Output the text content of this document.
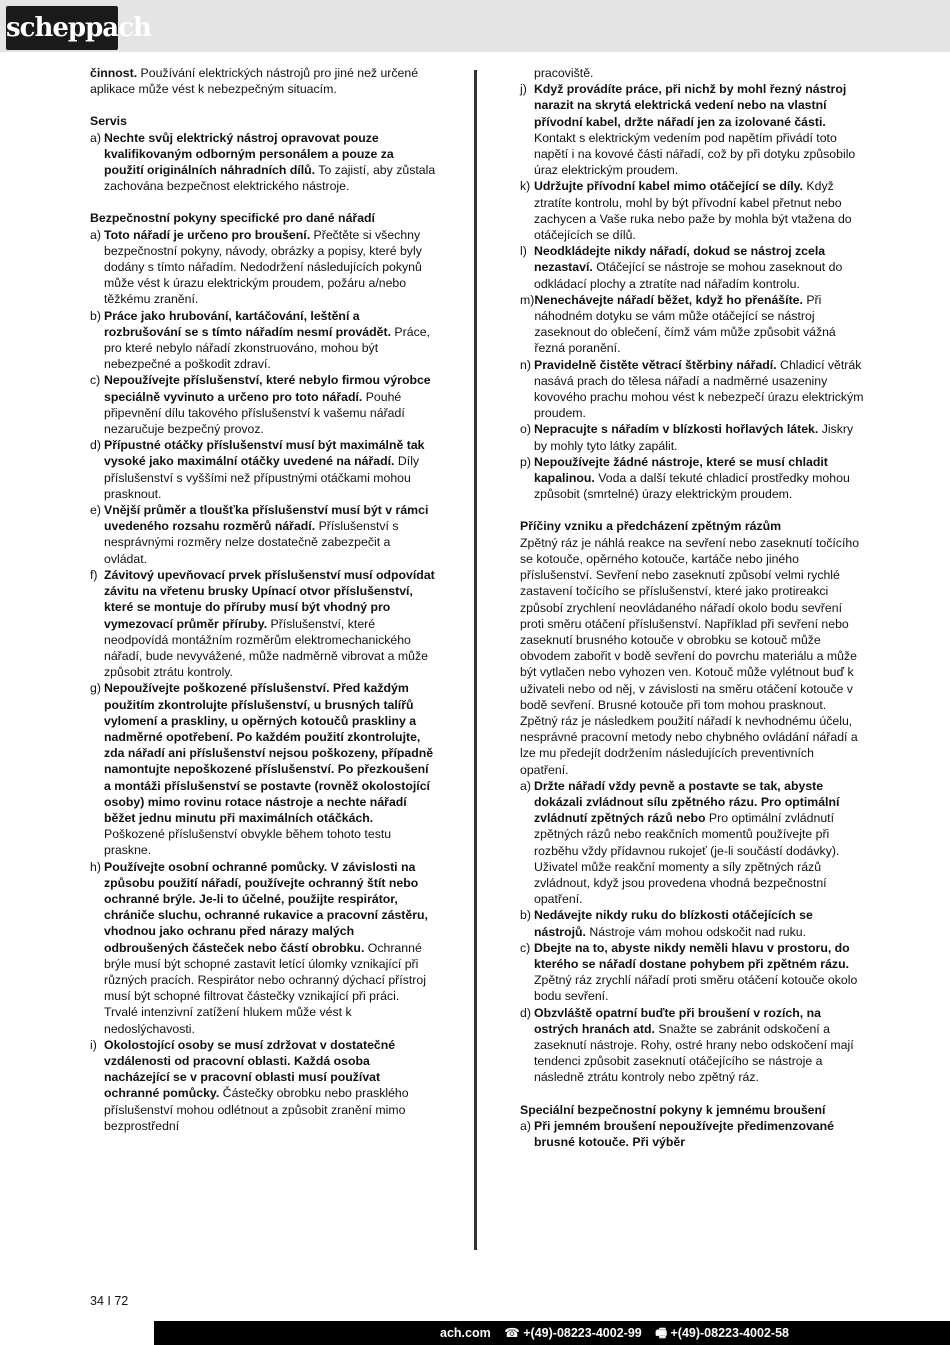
scheppach

činnost. Používání elektrických nástrojů pro jiné než určené aplikace může vést k nebezpečným situacím.

Servis

a) Nechte svůj elektrický nástroj opravovat pouze kvalifikovaným odborným personálem a pouze za použití originálních náhradních dílů. To zajistí, aby zůstala zachována bezpečnost elektrického nástroje.

Bezpečnostní pokyny specifické pro dané nářadí

a) Toto nářadí je určeno pro broušení. Přečtěte si všechny bezpečnostní pokyny, návody, obrázky a popisy, které byly dodány s tímto nářadím. Nedodržení následujících pokynů může vést k úrazu elektrickým proudem, požáru a/nebo těžkému zranění.
b) Práce jako hrubování, kartáčování, leštění a rozbrušování se s tímto nářadím nesmí provádět. Práce, pro které nebylo nářadí zkonstruováno, mohou být nebezpečné a poškodit zdraví.
c) Nepoužívejte příslušenství, které nebylo firmou výrobce speciálně vyvinuto a určeno pro toto nářadí. Pouhé připevnění dílu takového příslušenství k vašemu nářadí nezaručuje bezpečný provoz.
d) Přípustné otáčky příslušenství musí být maximálně tak vysoké jako maximální otáčky uvedené na nářadí. Díly příslušenství s vyššími než přípustnými otáčkami mohou prasknout.
e) Vnější průměr a tloušťka příslušenství musí být v rámci uvedeného rozsahu rozměrů nářadí. Příslušenství s nesprávnými rozměry nelze dostatečně zabezpečit a ovládat.
f) Závitový upevňovací prvek příslušenství musí odpovídat závitu na vřetenu brusky Upínací otvor příslušenství, které se montuje do příruby musí být vhodný pro vymezovací průměr příruby. Příslušenství, které neodpovídá montážním rozměrům elektromechanického nářadí, bude nevyvážené, může nadměrně vibrovat a může způsobit ztrátu kontroly.
g) Nepoužívejte poškozené příslušenství. Před každým použitím zkontrolujte příslušenství, u brusných talířů vylomení a praskliny, u opěrných kotoučů praskliny a nadměrné opotřebení. Po každém použití zkontrolujte, zda nářadí ani příslušenství nejsou poškozeny, případně namontujte nepoškozené příslušenství. Po přezkoušení a montáži příslušenství se postavte (rovněž okolostojící osoby) mimo rovinu rotace nástroje a nechte nářadí běžet jednu minutu při maximálních otáčkách. Poškozené příslušenství obvykle během tohoto testu praskne.
h) Používejte osobní ochranné pomůcky. V závislosti na způsobu použití nářadí, používejte ochranný štít nebo ochranné brýle. Je-li to účelné, použijte respirátor, chrániče sluchu, ochranné rukavice a pracovní zástěru, vhodnou jako ochranu před nárazy malých odbroušených částeček nebo částí obrobku. Ochranné brýle musí být schopné zastavit letící úlomky vznikající při různých pracích. Respirátor nebo ochranný dýchací přístroj musí být schopné filtrovat částečky vznikající při práci. Trvalé intenzivní zatížení hlukem může vést k nedoslýchavosti.
i) Okolostojící osoby se musí zdržovat v dostatečné vzdálenosti od pracovní oblasti. Každá osoba nacházející se v pracovní oblasti musí používat ochranné pomůcky. Částečky obrobku nebo prasklého příslušenství mohou odlétnout a způsobit zranění mimo bezprostřední

pracoviště.

j) Když provádíte práce, při nichž by mohl řezný nástroj narazit na skrytá elektrická vedení nebo na vlastní přívodní kabel, držte nářadí jen za izolované části. Kontakt s elektrickým vedením pod napětím přivádí toto napětí i na kovové části nářadí, což by při dotyku způsobilo úraz elektrickým proudem.
k) Udržujte přívodní kabel mimo otáčející se díly. Když ztratíte kontrolu, mohl by být přívodní kabel přetnut nebo zachycen a Vaše ruka nebo paže by mohla být vtažena do otáčejících se dílů.
l) Neodkládejte nikdy nářadí, dokud se nástroj zcela nezastaví. Otáčející se nástroje se mohou zaseknout do odkládací plochy a ztratíte nad nářadím kontrolu.
m) Nenechávejte nářadí běžet, když ho přenášíte. Při náhodném dotyku se vám může otáčející se nástroj zaseknout do oblečení, čímž vám může způsobit vážná řezná poranění.
n) Pravidelně čistěte větrací štěrbiny nářadí. Chladicí větrák nasává prach do tělesa nářadí a nadměrné usazeniny kovového prachu mohou vést k nebezpečí úrazu elektrickým proudem.
o) Nepracujte s nářadím v blízkosti hořlavých látek. Jiskry by mohly tyto látky zapálit.
p) Nepoužívejte žádné nástroje, které se musí chladit kapalinou. Voda a další tekuté chladicí prostředky mohou způsobit (smrtelné) úrazy elektrickým proudem.

Příčiny vzniku a předcházení zpětným rázům

Zpětný ráz je náhlá reakce na sevření nebo zaseknutí točícího se kotouče, opěrného kotouče, kartáče nebo jiného příslušenství. Sevření nebo zaseknutí způsobí velmi rychlé zastavení točícího se příslušenství, které jako protireakci způsobí zrychlení neovládaného nářadí okolo bodu sevření proti směru otáčení příslušenství. Například při sevření nebo zaseknutí brusného kotouče v obrobku se kotouč může obvodem zabořit v bodě sevření do povrchu materiálu a může být vytlačen nebo vyhozen ven. Kotouč může vylétnout buď k uživateli nebo od něj, v závislosti na směru otáčení kotouče v bodě sevření. Brusné kotouče při tom mohou prasknout. Zpětný ráz je následkem použití nářadí k nevhodnému účelu, nesprávné pracovní metody nebo chybného ovládání nářadí a lze mu předejít dodržením následujících preventivních opatření.

a) Držte nářadí vždy pevně a postavte se tak, abyste dokázali zvládnout sílu zpětného rázu. Pro optimální zvládnutí zpětných rázů nebo Pro optimální zvládnutí zpětných rázů nebo reakčních momentů používejte při rozběhu vždy přídavnou rukojeť (je-li součástí dodávky). Uživatel může reakční momenty a síly zpětných rázů zvládnout, když jsou provedena vhodná bezpečnostní opatření.
b) Nedávejte nikdy ruku do blízkosti otáčejících se nástrojů. Nástroje vám mohou odskočit nad ruku.
c) Dbejte na to, abyste nikdy neměli hlavu v prostoru, do kterého se nářadí dostane pohybem při zpětném rázu. Zpětný ráz zrychlí nářadí proti směru otáčení kotouče okolo bodu sevření.
d) Obzvláště opatrní buďte při broušení v rozích, na ostrých hranách atd. Snažte se zabránit odskočení a zaseknutí nástroje. Rohy, ostré hrany nebo odskočení mají tendenci způsobit zaseknutí otáčejícího se nástroje a následně ztrátu kontroly nebo zpětný ráz.

Speciální bezpečnostní pokyny k jemnému broušení

a) Při jemném broušení nepoužívejte předimenzované brusné kotouče. Při výběr
34 I 72
ach.com ☎ +(49)-08223-4002-99 🖷 +(49)-08223-4002-58
